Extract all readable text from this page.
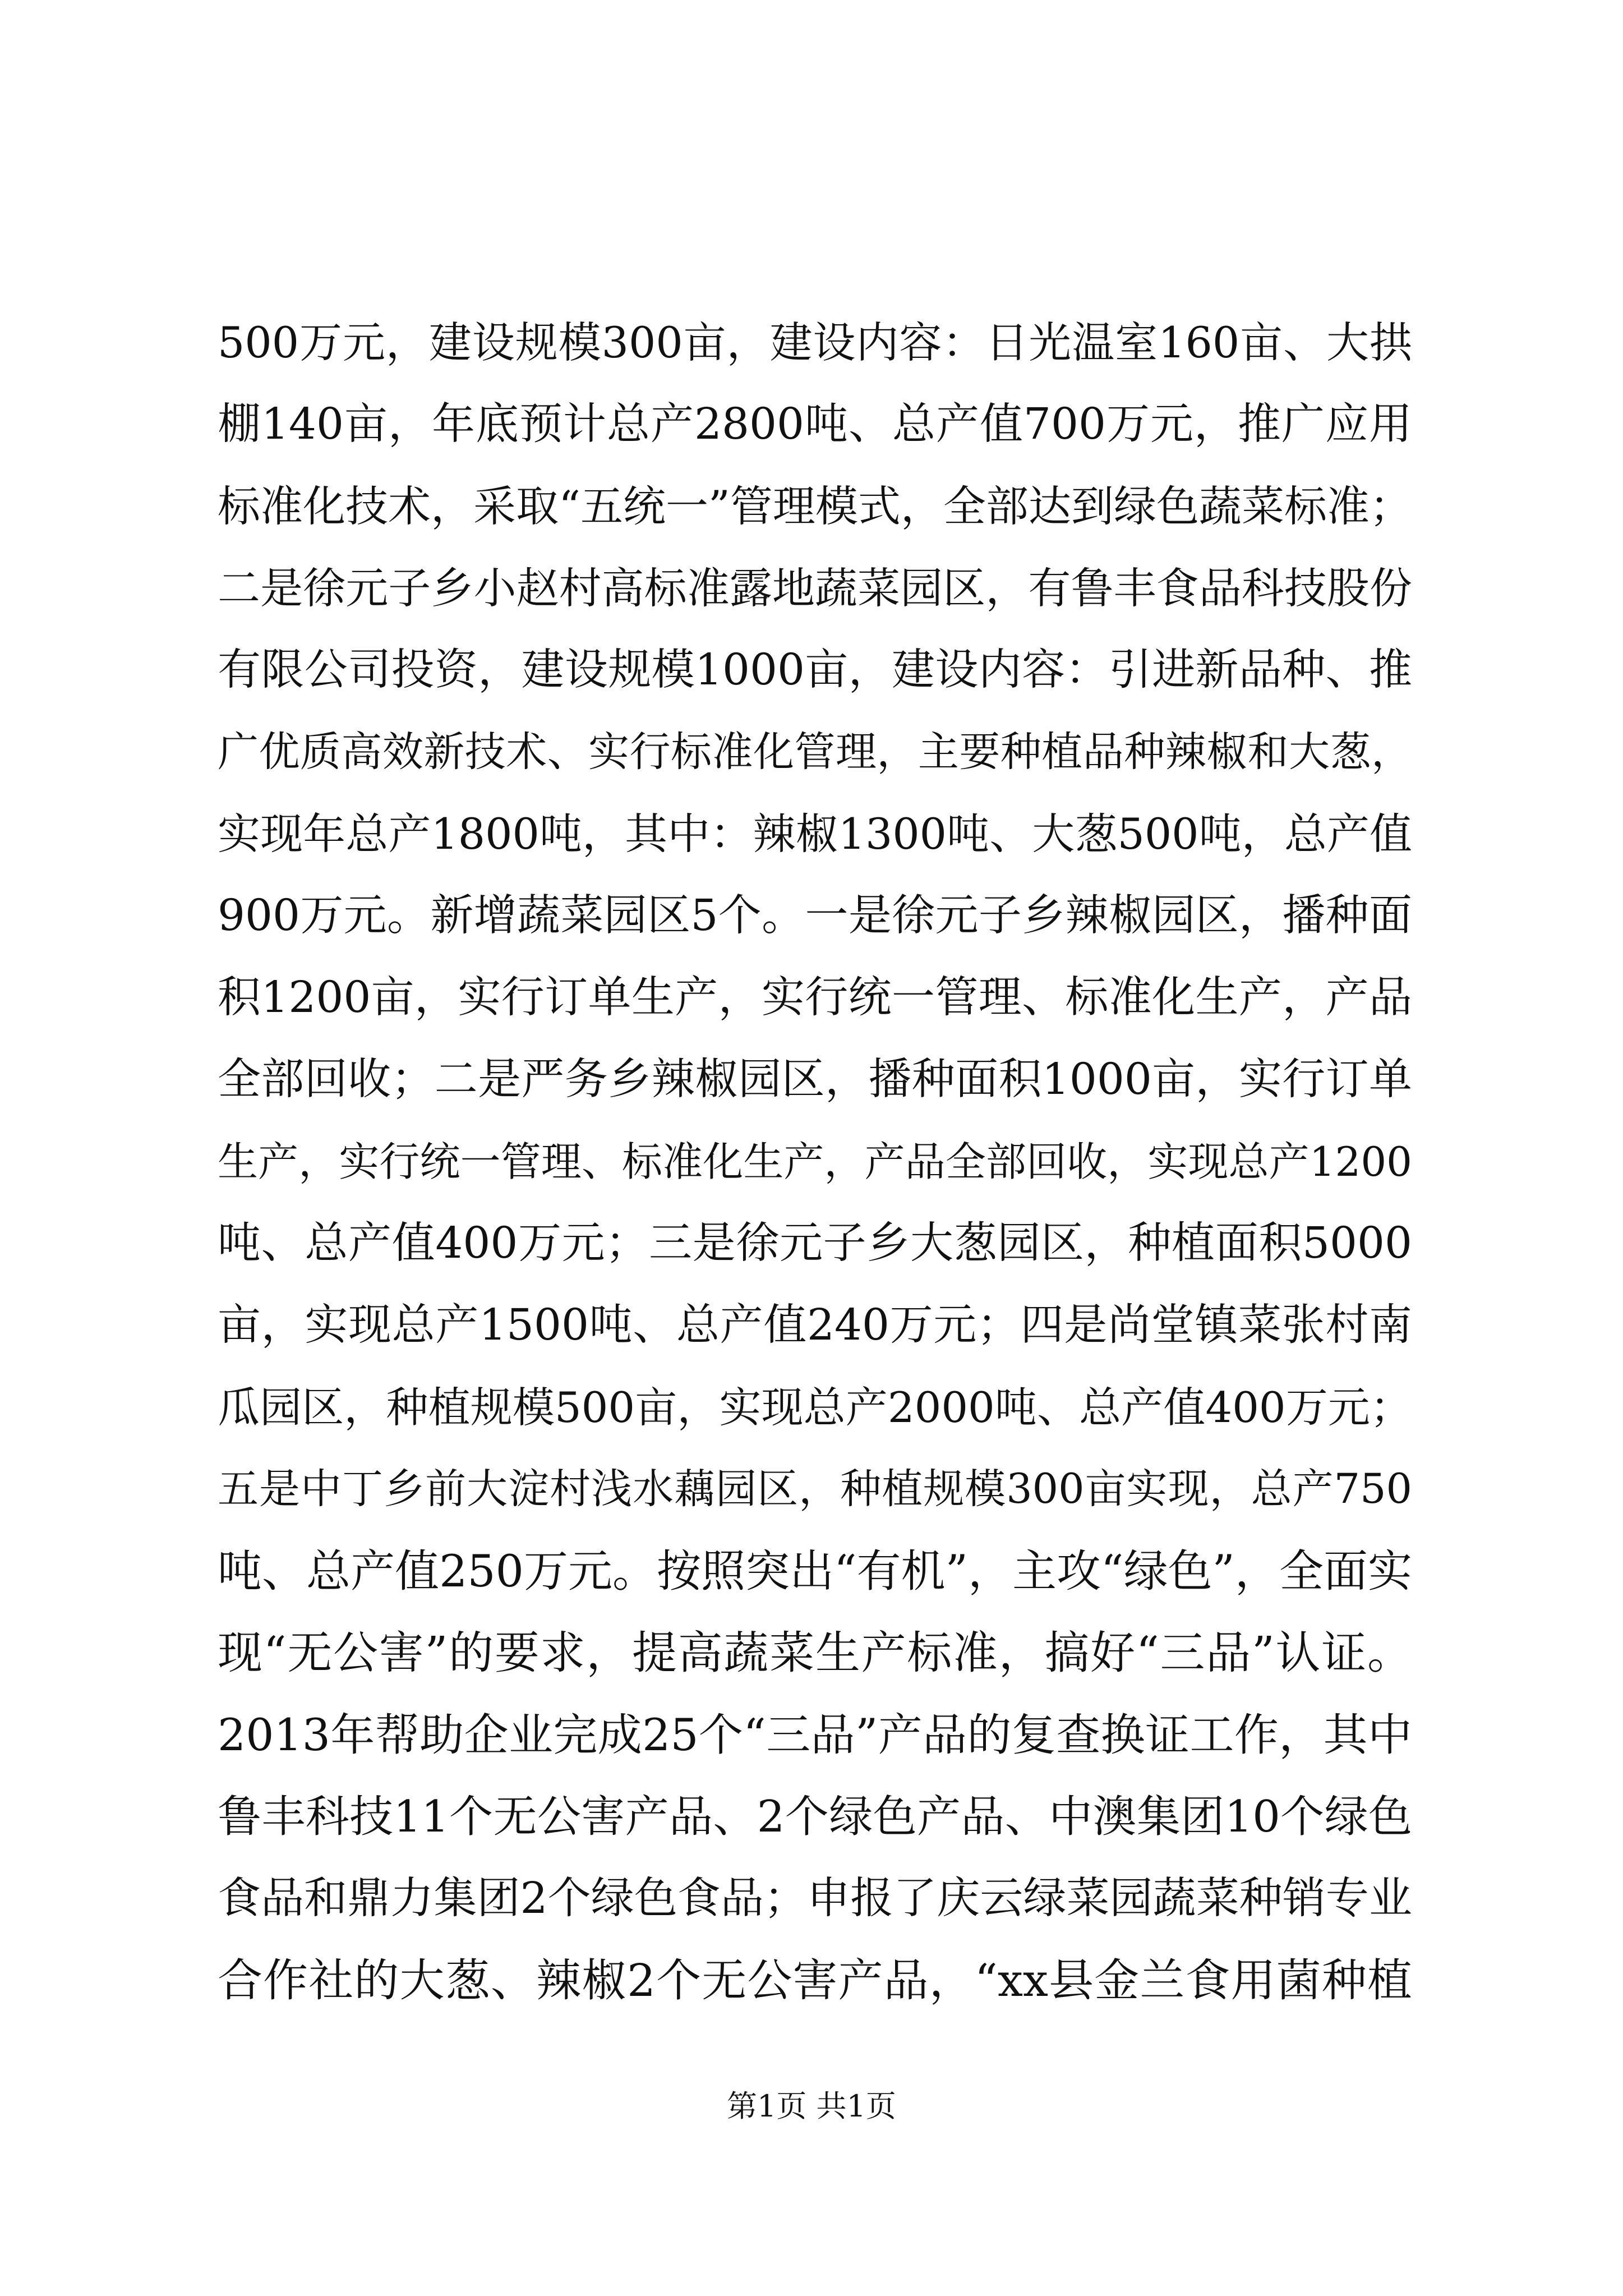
500万元，建设规模300亩，建设内容：日光温室160亩、大拱
棚140亩，年底预计总产2800吨、总产值700万元，推广应用
标准化技术，采取“五统一”管理模式，全部达到绿色蔬菜标准；
二是徐元子乡小赵村高标准露地蔬菜园区，有鲁丰食品科技股份
有限公司投资，建设规模1000亩，建设内容：引进新品种、推
广优质高效新技术、实行标准化管理，主要种植品种辣椒和大葱，
实现年总产1800吨，其中：辣椒1300吨、大葱500吨，总产值
900万元。新增蔬菜园区5个。一是徐元子乡辣椒园区，播种面
积1200亩，实行订单生产，实行统一管理、标准化生产，产品
全部回收；二是严务乡辣椒园区，播种面积1000亩，实行订单
生产，实行统一管理、标准化生产，产品全部回收，实现总产1200
吨、总产值400万元；三是徐元子乡大葱园区，种植面积5000
亩，实现总产1500吨、总产值240万元；四是尚堂镇菜张村南
瓜园区，种植规模500亩，实现总产2000吨、总产值400万元；
五是中丁乡前大淀村浅水藕园区，种植规模300亩实现，总产750
吨、总产值250万元。按照突出“有机”，主攻“绿色”，全面实
现“无公害”的要求，提高蔬菜生产标准，搞好“三品”认证。
2013年帮助企业完成25个“三品”产品的复查换证工作，其中
鲁丰科技11个无公害产品、2个绿色产品、中澳集团10个绿色
食品和鼎力集团2个绿色食品；申报了庆云绿菜园蔬菜种销专业
合作社的大葱、辣椒2个无公害产品，“xx县金兰食用菌种植
第1页 共1页
